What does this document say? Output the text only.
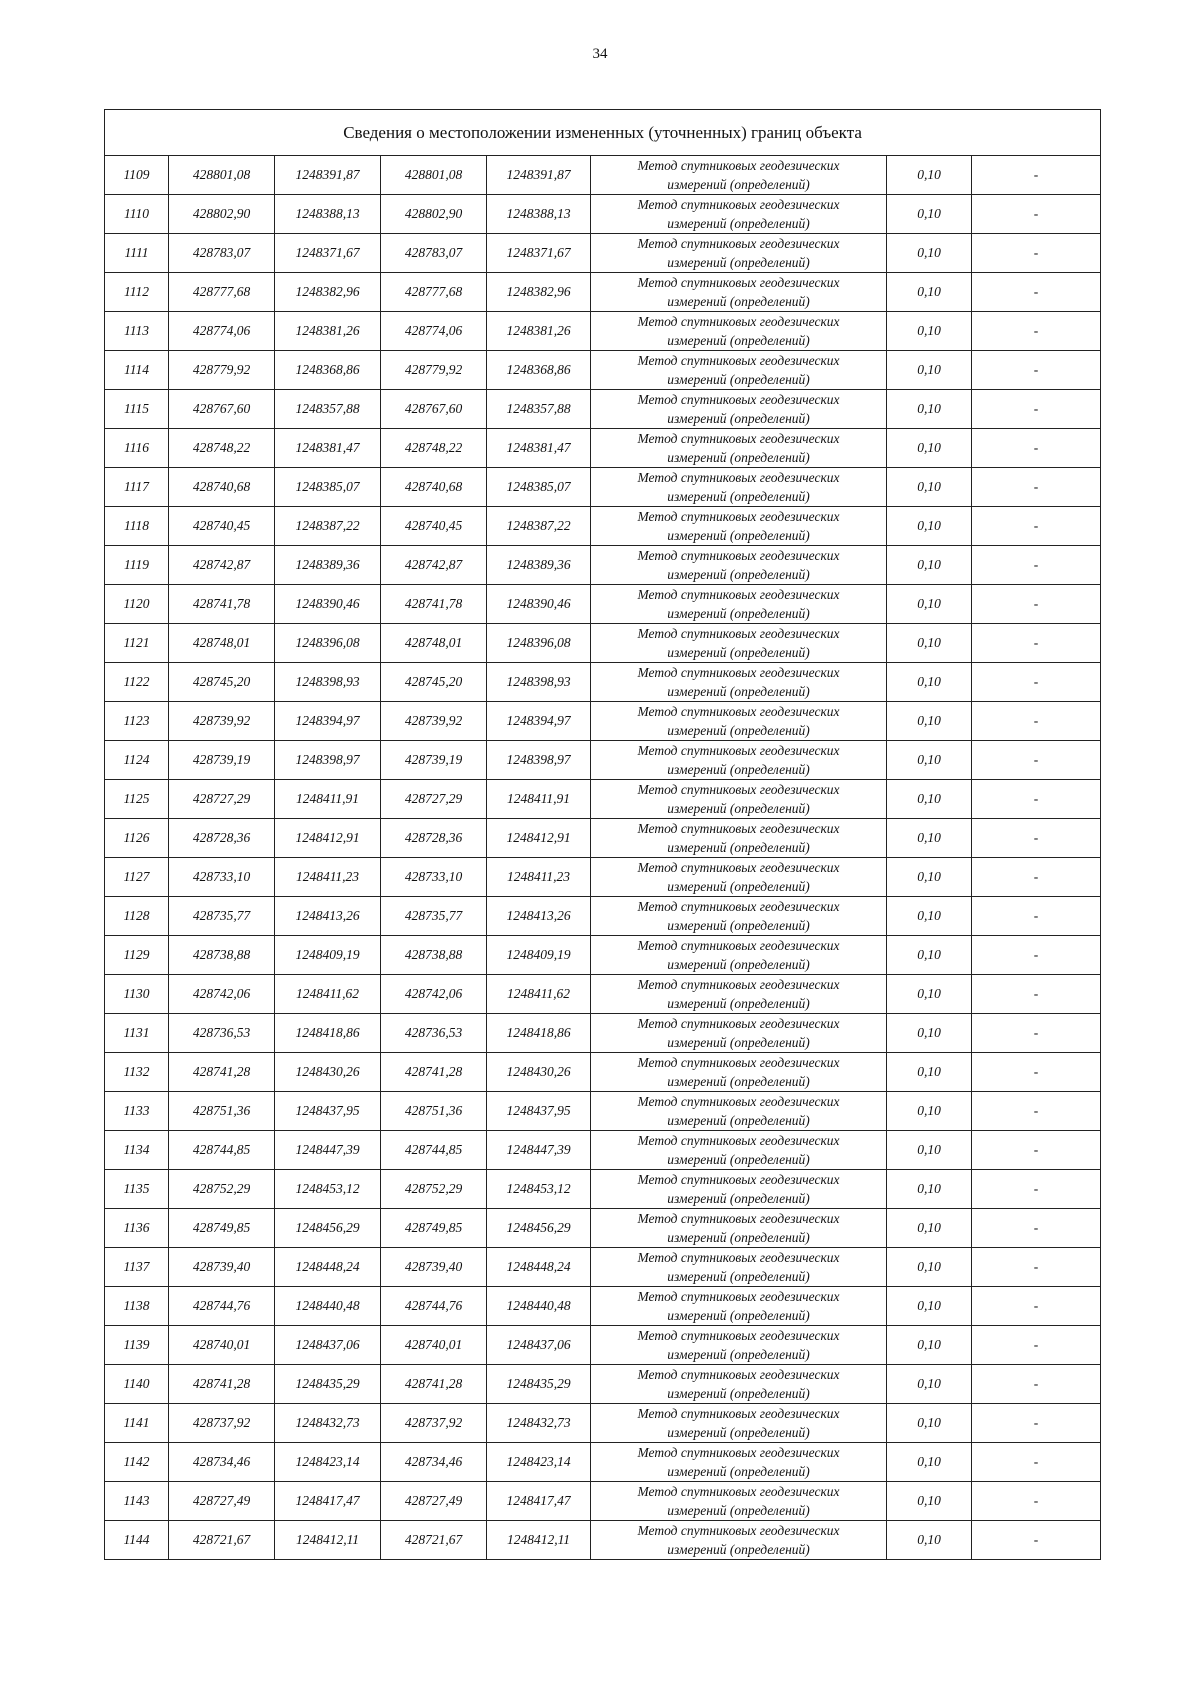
34
Сведения о местоположении измененных (уточненных) границ объекта							
1109	428801,08	1248391,87	428801,08	1248391,87	Метод спутниковых геодезических
измерений (определений)	0,10	-
1110	428802,90	1248388,13	428802,90	1248388,13	Метод спутниковых геодезических
измерений (определений)	0,10	-
1111	428783,07	1248371,67	428783,07	1248371,67	Метод спутниковых геодезических
измерений (определений)	0,10	-
1112	428777,68	1248382,96	428777,68	1248382,96	Метод спутниковых геодезических
измерений (определений)	0,10	-
1113	428774,06	1248381,26	428774,06	1248381,26	Метод спутниковых геодезических
измерений (определений)	0,10	-
1114	428779,92	1248368,86	428779,92	1248368,86	Метод спутниковых геодезических
измерений (определений)	0,10	-
1115	428767,60	1248357,88	428767,60	1248357,88	Метод спутниковых геодезических
измерений (определений)	0,10	-
1116	428748,22	1248381,47	428748,22	1248381,47	Метод спутниковых геодезических
измерений (определений)	0,10	-
1117	428740,68	1248385,07	428740,68	1248385,07	Метод спутниковых геодезических
измерений (определений)	0,10	-
1118	428740,45	1248387,22	428740,45	1248387,22	Метод спутниковых геодезических
измерений (определений)	0,10	-
1119	428742,87	1248389,36	428742,87	1248389,36	Метод спутниковых геодезических
измерений (определений)	0,10	-
1120	428741,78	1248390,46	428741,78	1248390,46	Метод спутниковых геодезических
измерений (определений)	0,10	-
1121	428748,01	1248396,08	428748,01	1248396,08	Метод спутниковых геодезических
измерений (определений)	0,10	-
1122	428745,20	1248398,93	428745,20	1248398,93	Метод спутниковых геодезических
измерений (определений)	0,10	-
1123	428739,92	1248394,97	428739,92	1248394,97	Метод спутниковых геодезических
измерений (определений)	0,10	-
1124	428739,19	1248398,97	428739,19	1248398,97	Метод спутниковых геодезических
измерений (определений)	0,10	-
1125	428727,29	1248411,91	428727,29	1248411,91	Метод спутниковых геодезических
измерений (определений)	0,10	-
1126	428728,36	1248412,91	428728,36	1248412,91	Метод спутниковых геодезических
измерений (определений)	0,10	-
1127	428733,10	1248411,23	428733,10	1248411,23	Метод спутниковых геодезических
измерений (определений)	0,10	-
1128	428735,77	1248413,26	428735,77	1248413,26	Метод спутниковых геодезических
измерений (определений)	0,10	-
1129	428738,88	1248409,19	428738,88	1248409,19	Метод спутниковых геодезических
измерений (определений)	0,10	-
1130	428742,06	1248411,62	428742,06	1248411,62	Метод спутниковых геодезических
измерений (определений)	0,10	-
1131	428736,53	1248418,86	428736,53	1248418,86	Метод спутниковых геодезических
измерений (определений)	0,10	-
1132	428741,28	1248430,26	428741,28	1248430,26	Метод спутниковых геодезических
измерений (определений)	0,10	-
1133	428751,36	1248437,95	428751,36	1248437,95	Метод спутниковых геодезических
измерений (определений)	0,10	-
1134	428744,85	1248447,39	428744,85	1248447,39	Метод спутниковых геодезических
измерений (определений)	0,10	-
1135	428752,29	1248453,12	428752,29	1248453,12	Метод спутниковых геодезических
измерений (определений)	0,10	-
1136	428749,85	1248456,29	428749,85	1248456,29	Метод спутниковых геодезических
измерений (определений)	0,10	-
1137	428739,40	1248448,24	428739,40	1248448,24	Метод спутниковых геодезических
измерений (определений)	0,10	-
1138	428744,76	1248440,48	428744,76	1248440,48	Метод спутниковых геодезических
измерений (определений)	0,10	-
1139	428740,01	1248437,06	428740,01	1248437,06	Метод спутниковых геодезических
измерений (определений)	0,10	-
1140	428741,28	1248435,29	428741,28	1248435,29	Метод спутниковых геодезических
измерений (определений)	0,10	-
1141	428737,92	1248432,73	428737,92	1248432,73	Метод спутниковых геодезических
измерений (определений)	0,10	-
1142	428734,46	1248423,14	428734,46	1248423,14	Метод спутниковых геодезических
измерений (определений)	0,10	-
1143	428727,49	1248417,47	428727,49	1248417,47	Метод спутниковых геодезических
измерений (определений)	0,10	-
1144	428721,67	1248412,11	428721,67	1248412,11	Метод спутниковых геодезических
измерений (определений)	0,10	-
